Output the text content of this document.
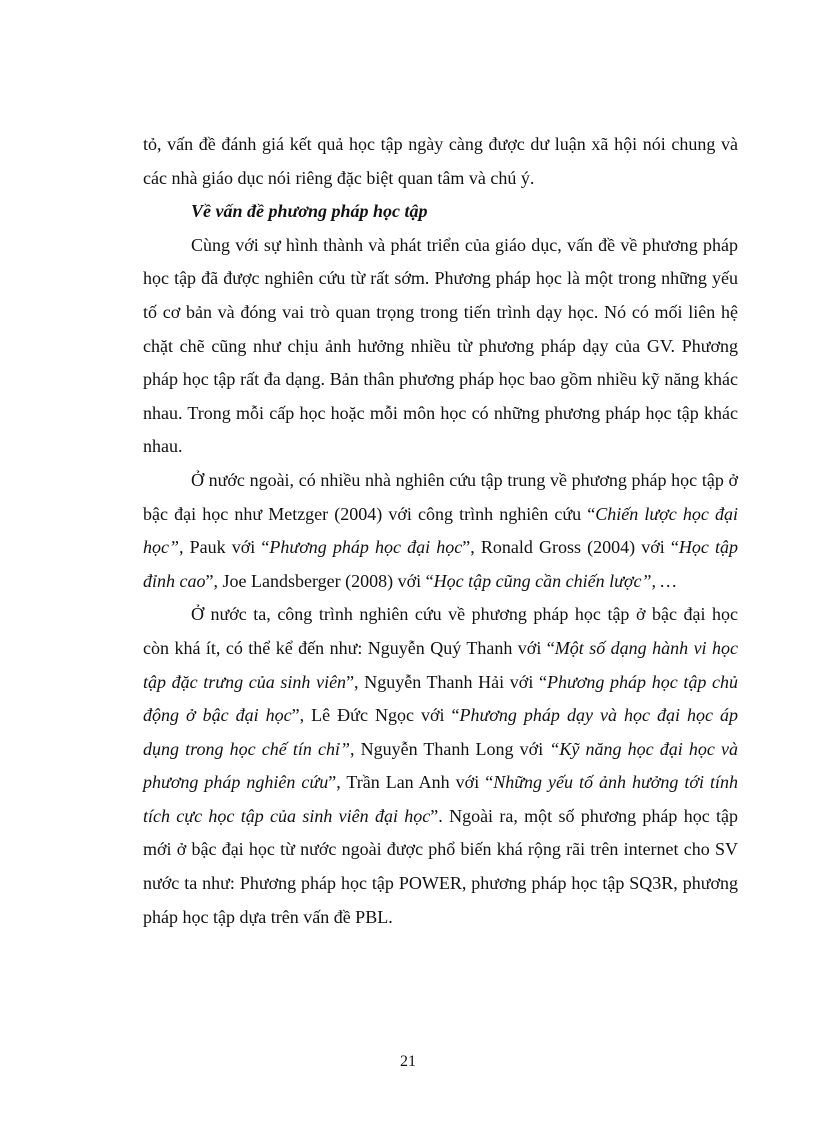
tỏ, vấn đề đánh giá kết quả học tập ngày càng được dư luận xã hội nói chung và các nhà giáo dục nói riêng đặc biệt quan tâm và chú ý.

Về vấn đề phương pháp học tập

Cùng với sự hình thành và phát triển của giáo dục, vấn đề về phương pháp học tập đã được nghiên cứu từ rất sớm. Phương pháp học là một trong những yếu tố cơ bản và đóng vai trò quan trọng trong tiến trình dạy học. Nó có mối liên hệ chặt chẽ cũng như chịu ảnh hưởng nhiều từ phương pháp dạy của GV. Phương pháp học tập rất đa dạng. Bản thân phương pháp học bao gồm nhiều kỹ năng khác nhau. Trong mỗi cấp học hoặc mỗi môn học có những phương pháp học tập khác nhau.

Ở nước ngoài, có nhiều nhà nghiên cứu tập trung về phương pháp học tập ở bậc đại học như Metzger (2004) với công trình nghiên cứu “Chiến lược học đại học”, Pauk với “Phương pháp học đại học”, Ronald Gross (2004) với “Học tập đỉnh cao”, Joe Landsberger (2008) với “Học tập cũng cần chiến lược”, …

Ở nước ta, công trình nghiên cứu về phương pháp học tập ở bậc đại học còn khá ít, có thể kể đến như: Nguyễn Quý Thanh với “Một số dạng hành vi học tập đặc trưng của sinh viên”, Nguyễn Thanh Hải với “Phương pháp học tập chủ động ở bậc đại học”, Lê Đức Ngọc với “Phương pháp dạy và học đại học áp dụng trong học chế tín chỉ”, Nguyễn Thanh Long với “Kỹ năng học đại học và phương pháp nghiên cứu”, Trần Lan Anh với “Những yếu tố ảnh hưởng tới tính tích cực học tập của sinh viên đại học”. Ngoài ra, một số phương pháp học tập mới ở bậc đại học từ nước ngoài được phổ biến khá rộng rãi trên internet cho SV nước ta như: Phương pháp học tập POWER, phương pháp học tập SQ3R, phương pháp học tập dựa trên vấn đề PBL.

21
